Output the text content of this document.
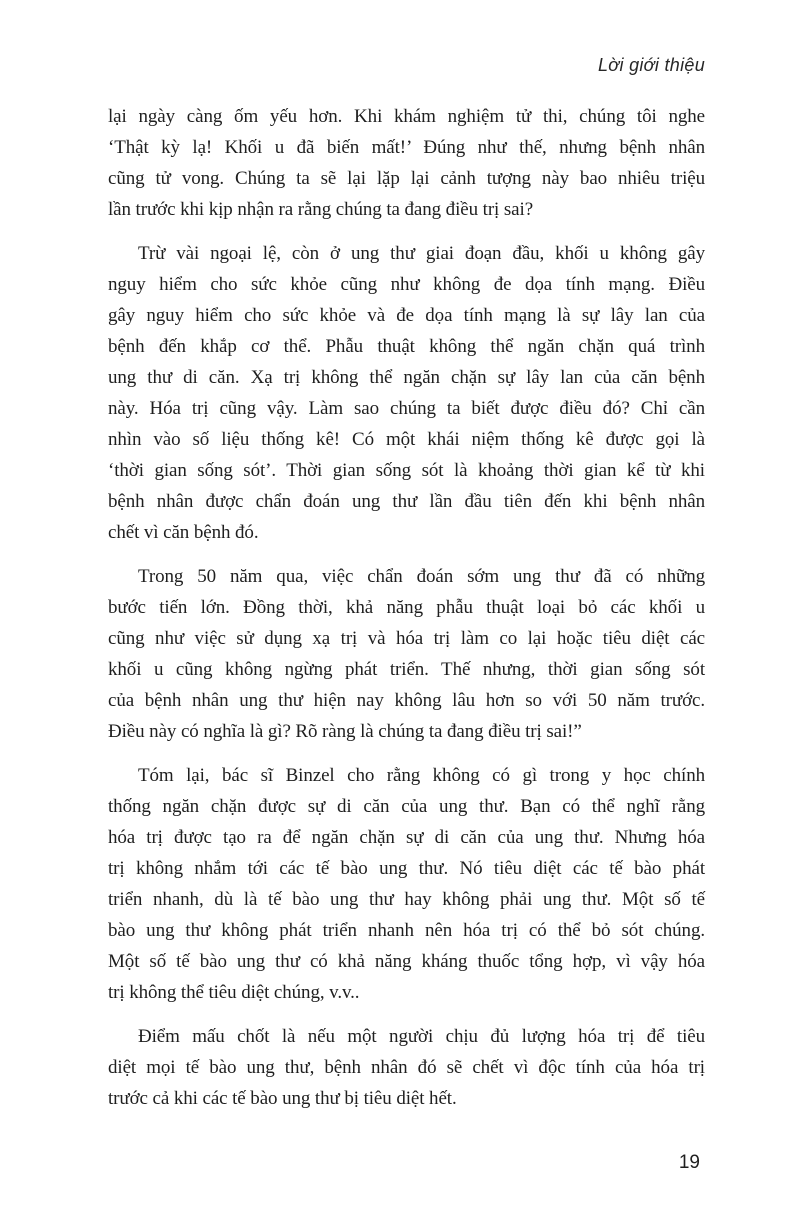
Lời giới thiệu

lại ngày càng ốm yếu hơn. Khi khám nghiệm tử thi, chúng tôi nghe
‘Thật kỳ lạ! Khối u đã biến mất!’ Đúng như thế, nhưng bệnh nhân
cũng tử vong. Chúng ta sẽ lại lặp lại cảnh tượng này bao nhiêu triệu
lần trước khi kịp nhận ra rằng chúng ta đang điều trị sai?

Trừ vài ngoại lệ, còn ở ung thư giai đoạn đầu, khối u không gây
nguy hiểm cho sức khỏe cũng như không đe dọa tính mạng. Điều
gây nguy hiểm cho sức khỏe và đe dọa tính mạng là sự lây lan của
bệnh đến khắp cơ thể. Phẫu thuật không thể ngăn chặn quá trình
ung thư di căn. Xạ trị không thể ngăn chặn sự lây lan của căn bệnh
này. Hóa trị cũng vậy. Làm sao chúng ta biết được điều đó? Chỉ cần
nhìn vào số liệu thống kê! Có một khái niệm thống kê được gọi là
‘thời gian sống sót’. Thời gian sống sót là khoảng thời gian kể từ khi
bệnh nhân được chẩn đoán ung thư lần đầu tiên đến khi bệnh nhân
chết vì căn bệnh đó.

Trong 50 năm qua, việc chẩn đoán sớm ung thư đã có những
bước tiến lớn. Đồng thời, khả năng phẫu thuật loại bỏ các khối u
cũng như việc sử dụng xạ trị và hóa trị làm co lại hoặc tiêu diệt các
khối u cũng không ngừng phát triển. Thế nhưng, thời gian sống sót
của bệnh nhân ung thư hiện nay không lâu hơn so với 50 năm trước.
Điều này có nghĩa là gì? Rõ ràng là chúng ta đang điều trị sai!”

Tóm lại, bác sĩ Binzel cho rằng không có gì trong y học chính
thống ngăn chặn được sự di căn của ung thư. Bạn có thể nghĩ rằng
hóa trị được tạo ra để ngăn chặn sự di căn của ung thư. Nhưng hóa
trị không nhắm tới các tế bào ung thư. Nó tiêu diệt các tế bào phát
triển nhanh, dù là tế bào ung thư hay không phải ung thư. Một số tế
bào ung thư không phát triển nhanh nên hóa trị có thể bỏ sót chúng.
Một số tế bào ung thư có khả năng kháng thuốc tổng hợp, vì vậy hóa
trị không thể tiêu diệt chúng, v.v..

Điểm mấu chốt là nếu một người chịu đủ lượng hóa trị để tiêu
diệt mọi tế bào ung thư, bệnh nhân đó sẽ chết vì độc tính của hóa trị
trước cả khi các tế bào ung thư bị tiêu diệt hết.

19
